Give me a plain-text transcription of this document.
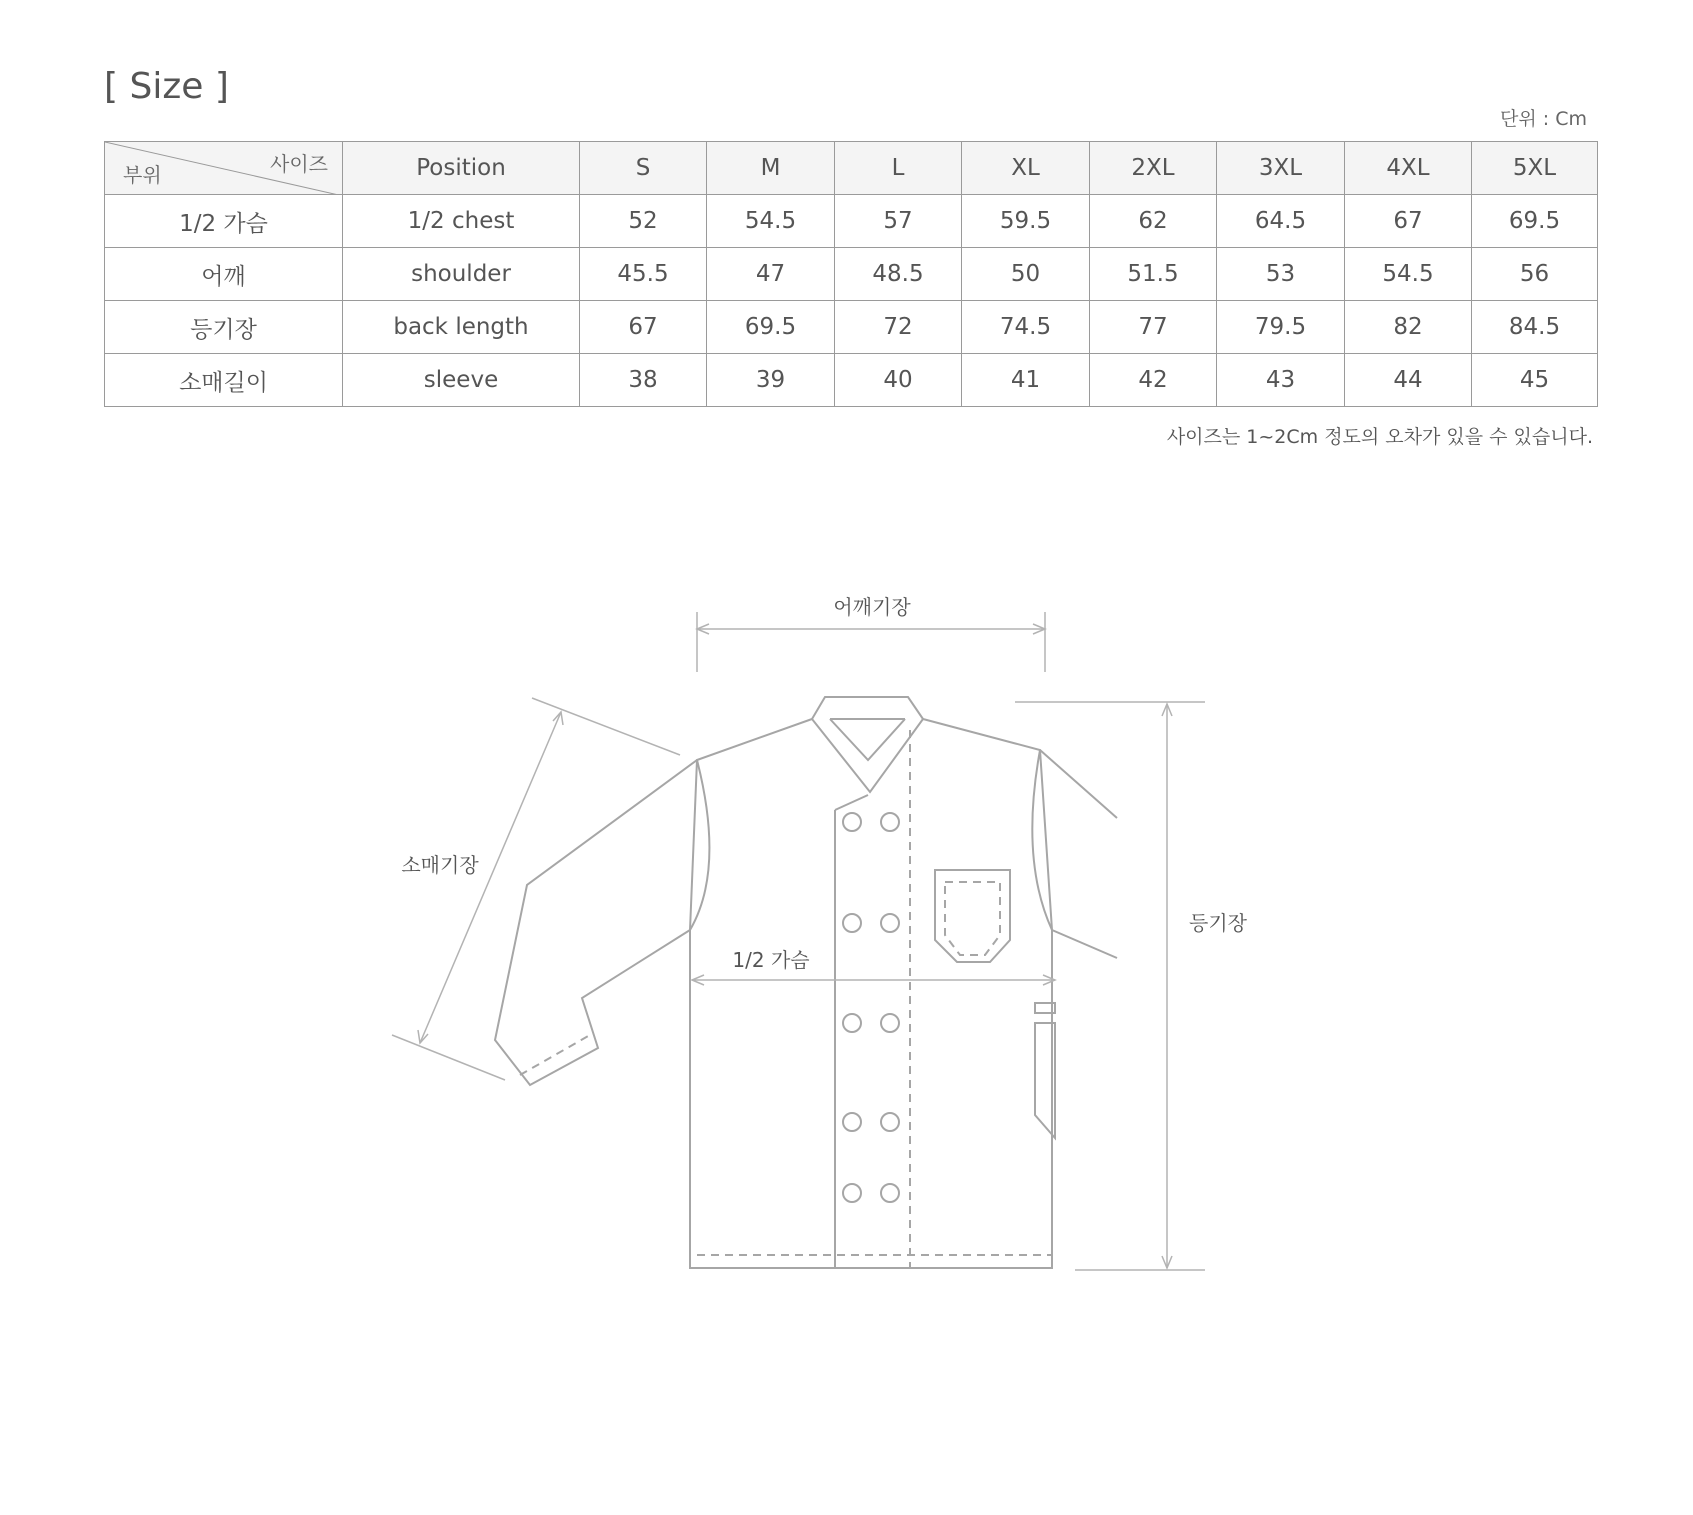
[ Size ]
단위 : Cm
사이즈
부위	Position	S	M	L	XL	2XL	3XL	4XL	5XL
1/2 가슴	1/2 chest	52	54.5	57	59.5	62	64.5	67	69.5
어깨	shoulder	45.5	47	48.5	50	51.5	53	54.5	56
등기장	back length	67	69.5	72	74.5	77	79.5	82	84.5
소매길이	sleeve	38	39	40	41	42	43	44	45
사이즈는 1~2Cm 정도의 오차가 있을 수 있습니다.
어깨기장
소매기장
1/2 가슴
등기장
